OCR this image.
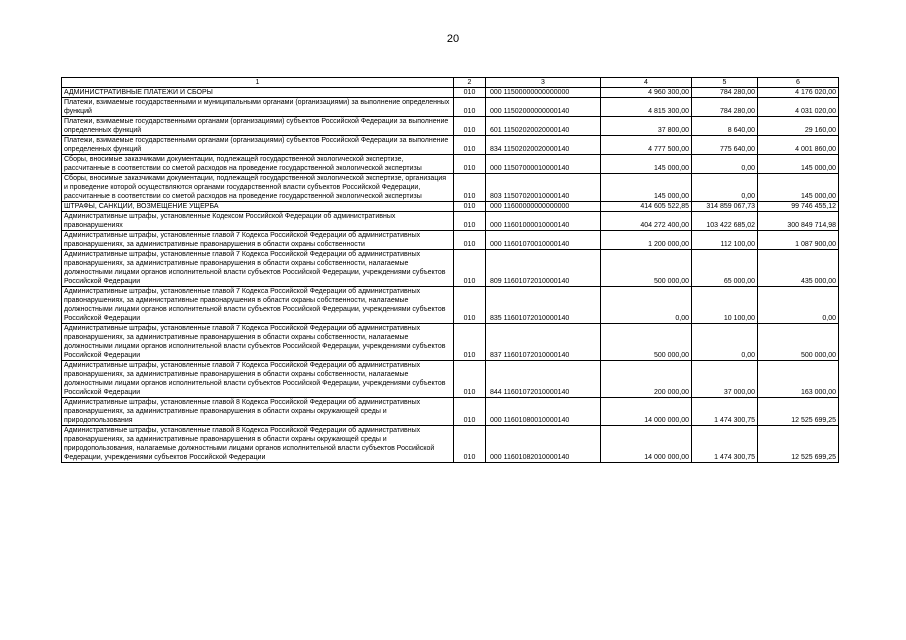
20
1	2	3	4	5	6
АДМИНИСТРАТИВНЫЕ ПЛАТЕЖИ И СБОРЫ	010	000 11500000000000000	4 960 300,00	784 280,00	4 176 020,00
Платежи, взимаемые государственными и муниципальными органами (организациями) за выполнение определенных функций	010	000 11502000000000140	4 815 300,00	784 280,00	4 031 020,00
Платежи, взимаемые государственными органами (организациями) субъектов Российской Федерации за выполнение определенных функций	010	601 11502020020000140	37 800,00	8 640,00	29 160,00
Платежи, взимаемые государственными органами (организациями) субъектов Российской Федерации за выполнение определенных функций	010	834 11502020020000140	4 777 500,00	775 640,00	4 001 860,00
Сборы, вносимые заказчиками документации, подлежащей государственной экологической экспертизе, рассчитанные в соответствии со сметой расходов на проведение государственной экологической экспертизы	010	000 11507000010000140	145 000,00	0,00	145 000,00
Сборы, вносимые заказчиками документации, подлежащей государственной экологической экспертизе, организация и проведение которой осуществляются органами государственной власти субъектов Российской Федерации, рассчитанные в соответствии со сметой расходов на проведение государственной экологической экспертизы	010	803 11507020010000140	145 000,00	0,00	145 000,00
ШТРАФЫ, САНКЦИИ, ВОЗМЕЩЕНИЕ УЩЕРБА	010	000 11600000000000000	414 605 522,85	314 859 067,73	99 746 455,12
Административные штрафы, установленные Кодексом Российской Федерации об административных правонарушениях	010	000 11601000010000140	404 272 400,00	103 422 685,02	300 849 714,98
Административные штрафы, установленные главой 7 Кодекса Российской Федерации об административных правонарушениях, за административные правонарушения в области охраны собственности	010	000 11601070010000140	1 200 000,00	112 100,00	1 087 900,00
Административные штрафы, установленные главой 7 Кодекса Российской Федерации об административных правонарушениях, за административные правонарушения в области охраны собственности, налагаемые должностными лицами органов исполнительной власти субъектов Российской Федерации, учреждениями субъектов Российской Федерации	010	809 11601072010000140	500 000,00	65 000,00	435 000,00
Административные штрафы, установленные главой 7 Кодекса Российской Федерации об административных правонарушениях, за административные правонарушения в области охраны собственности, налагаемые должностными лицами органов исполнительной власти субъектов Российской Федерации, учреждениями субъектов Российской Федерации	010	835 11601072010000140	0,00	10 100,00	0,00
Административные штрафы, установленные главой 7 Кодекса Российской Федерации об административных правонарушениях, за административные правонарушения в области охраны собственности, налагаемые должностными лицами органов исполнительной власти субъектов Российской Федерации, учреждениями субъектов Российской Федерации	010	837 11601072010000140	500 000,00	0,00	500 000,00
Административные штрафы, установленные главой 7 Кодекса Российской Федерации об административных правонарушениях, за административные правонарушения в области охраны собственности, налагаемые должностными лицами органов исполнительной власти субъектов Российской Федерации, учреждениями субъектов Российской Федерации	010	844 11601072010000140	200 000,00	37 000,00	163 000,00
Административные штрафы, установленные главой 8 Кодекса Российской Федерации об административных правонарушениях, за административные правонарушения в области охраны окружающей среды и природопользования	010	000 11601080010000140	14 000 000,00	1 474 300,75	12 525 699,25
Административные штрафы, установленные главой 8 Кодекса Российской Федерации об административных правонарушениях, за административные правонарушения в области охраны окружающей среды и природопользования, налагаемые должностными лицами органов исполнительной власти субъектов Российской Федерации, учреждениями субъектов Российской Федерации	010	000 11601082010000140	14 000 000,00	1 474 300,75	12 525 699,25
